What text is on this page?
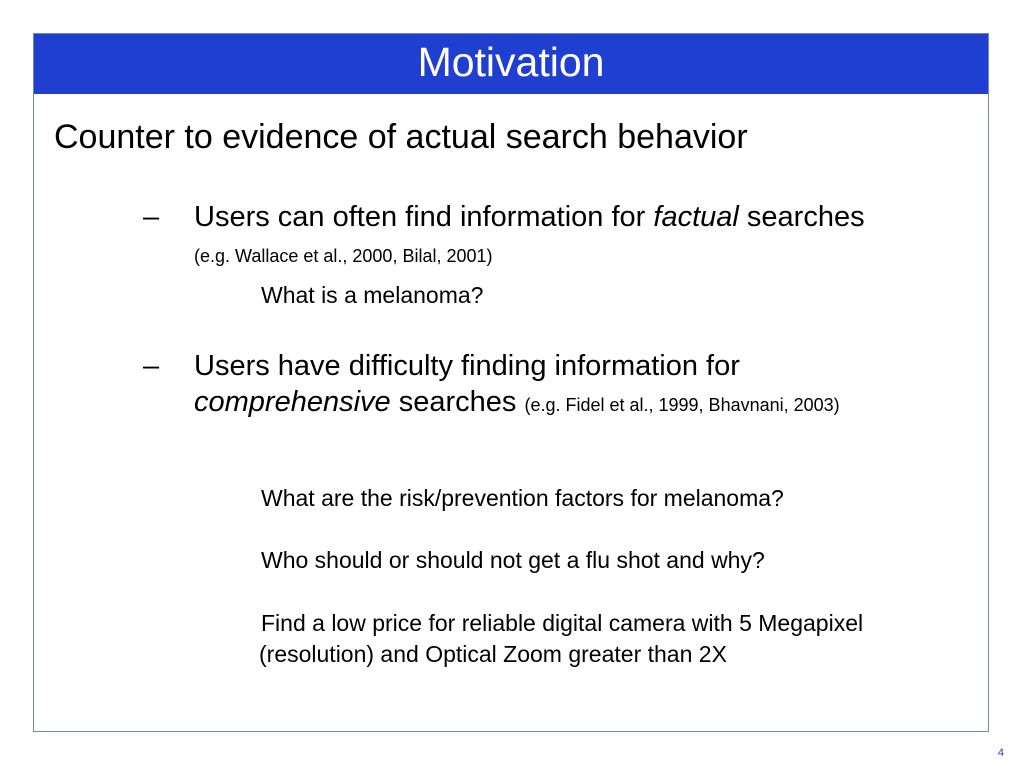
Motivation
Counter to evidence of actual search behavior
– Users can often find information for factual searches (e.g. Wallace et al., 2000, Bilal, 2001)
What is a melanoma?
– Users have difficulty finding information for comprehensive searches (e.g. Fidel et al., 1999, Bhavnani, 2003)
What are the risk/prevention factors for melanoma?
Who should or should not get a flu shot and why?
Find a low price for reliable digital camera with 5 Megapixel (resolution) and Optical Zoom greater than 2X
4
